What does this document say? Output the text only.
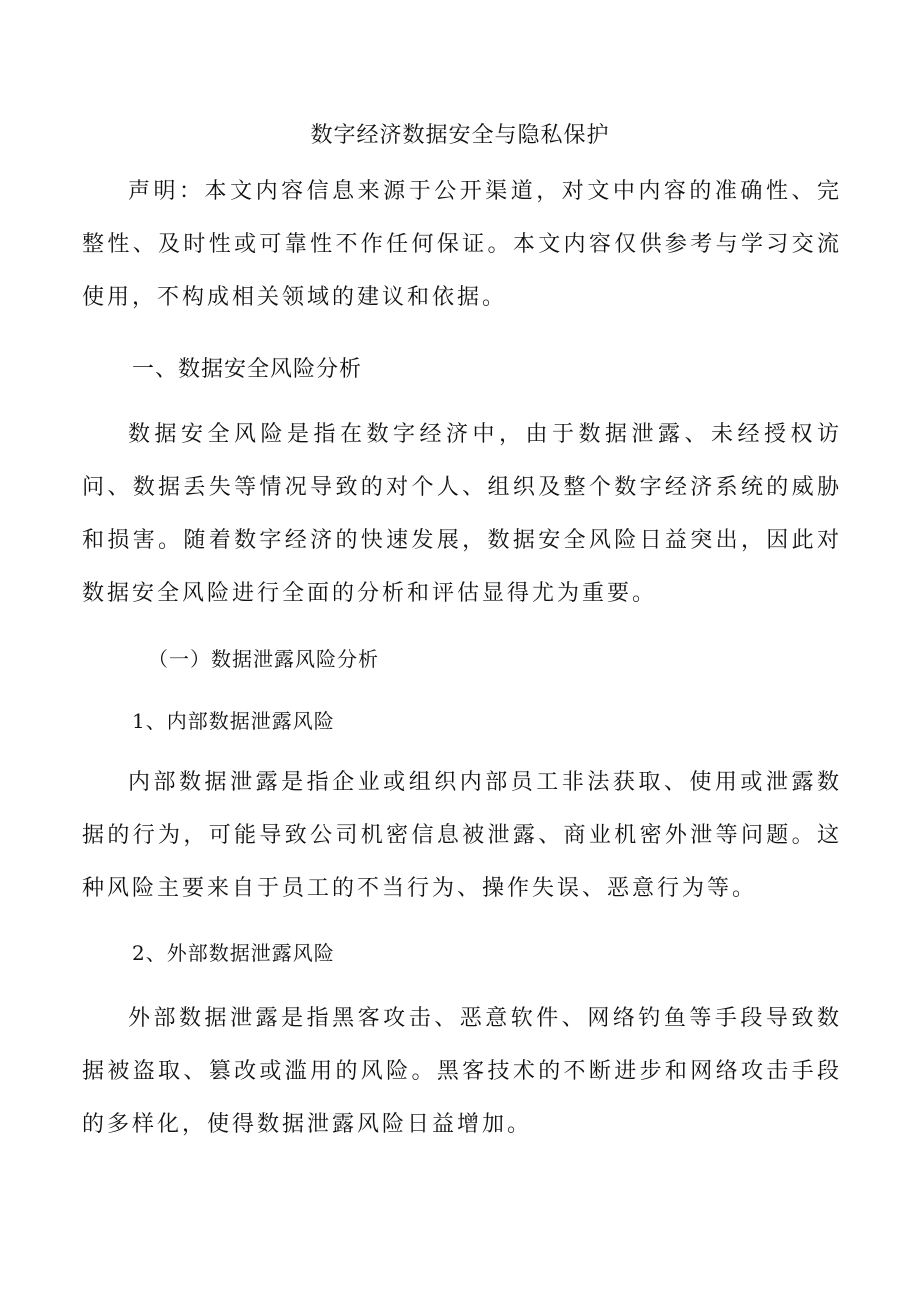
数字经济数据安全与隐私保护

声明：本文内容信息来源于公开渠道，对文中内容的准确性、完整性、及时性或可靠性不作任何保证。本文内容仅供参考与学习交流使用，不构成相关领域的建议和依据。

一、数据安全风险分析

数据安全风险是指在数字经济中，由于数据泄露、未经授权访问、数据丢失等情况导致的对个人、组织及整个数字经济系统的威胁和损害。随着数字经济的快速发展，数据安全风险日益突出，因此对数据安全风险进行全面的分析和评估显得尤为重要。

（一）数据泄露风险分析
1、内部数据泄露风险

内部数据泄露是指企业或组织内部员工非法获取、使用或泄露数据的行为，可能导致公司机密信息被泄露、商业机密外泄等问题。这种风险主要来自于员工的不当行为、操作失误、恶意行为等。

2、外部数据泄露风险

外部数据泄露是指黑客攻击、恶意软件、网络钓鱼等手段导致数据被盗取、篡改或滥用的风险。黑客技术的不断进步和网络攻击手段的多样化，使得数据泄露风险日益增加。
